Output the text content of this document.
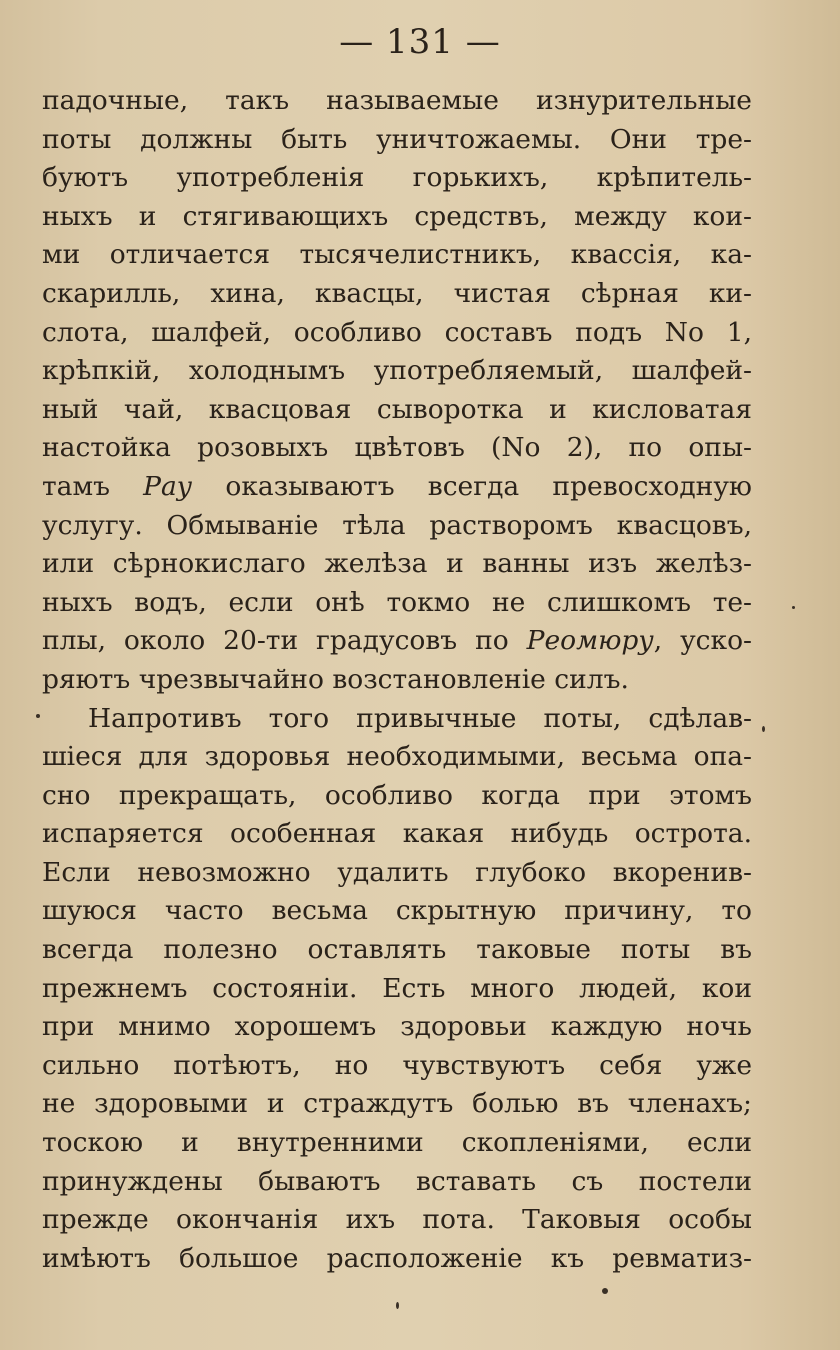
— 131 —
падочные, такъ называемые изнурительные
поты должны быть уничтожаемы. Они тре-
буютъ употребленія горькихъ, крѣпитель-
ныхъ и стягивающихъ средствъ, между кои-
ми отличается тысячелистникъ, квассія, ка-
скарилль, хина, квасцы, чистая сѣрная ки-
слота, шалфей, особливо составъ подъ No 1,
крѣпкій, холоднымъ употребляемый, шалфей-
ный чай, квасцовая сыворотка и кисловатая
настойка розовыхъ цвѣтовъ (No 2), по опы-
тамъ Рау оказываютъ всегда превосходную
услугу. Обмываніе тѣла растворомъ квасцовъ,
или сѣрнокислаго желѣза и ванны изъ желѣз-
ныхъ водъ, если онѣ токмо не слишкомъ те-
плы, около 20-ти градусовъ по Реомюру, уско-
ряютъ чрезвычайно возстановленіе силъ.
Напротивъ того привычные поты, сдѣлав-
шіеся для здоровья необходимыми, весьма опа-
сно прекращать, особливо когда при этомъ
испаряется особенная какая нибудь острота.
Если невозможно удалить глубоко вкоренив-
шуюся часто весьма скрытную причину, то
всегда полезно оставлять таковые поты въ
прежнемъ состояніи. Есть много людей, кои
при мнимо хорошемъ здоровьи каждую ночь
сильно потѣютъ, но чувствуютъ себя уже
не здоровыми и страждутъ болью въ членахъ;
тоскою и внутренними скопленіями, если
принуждены бываютъ вставать съ постели
прежде окончанія ихъ пота. Таковыя особы
имѣютъ большое расположеніе къ ревматиз-
